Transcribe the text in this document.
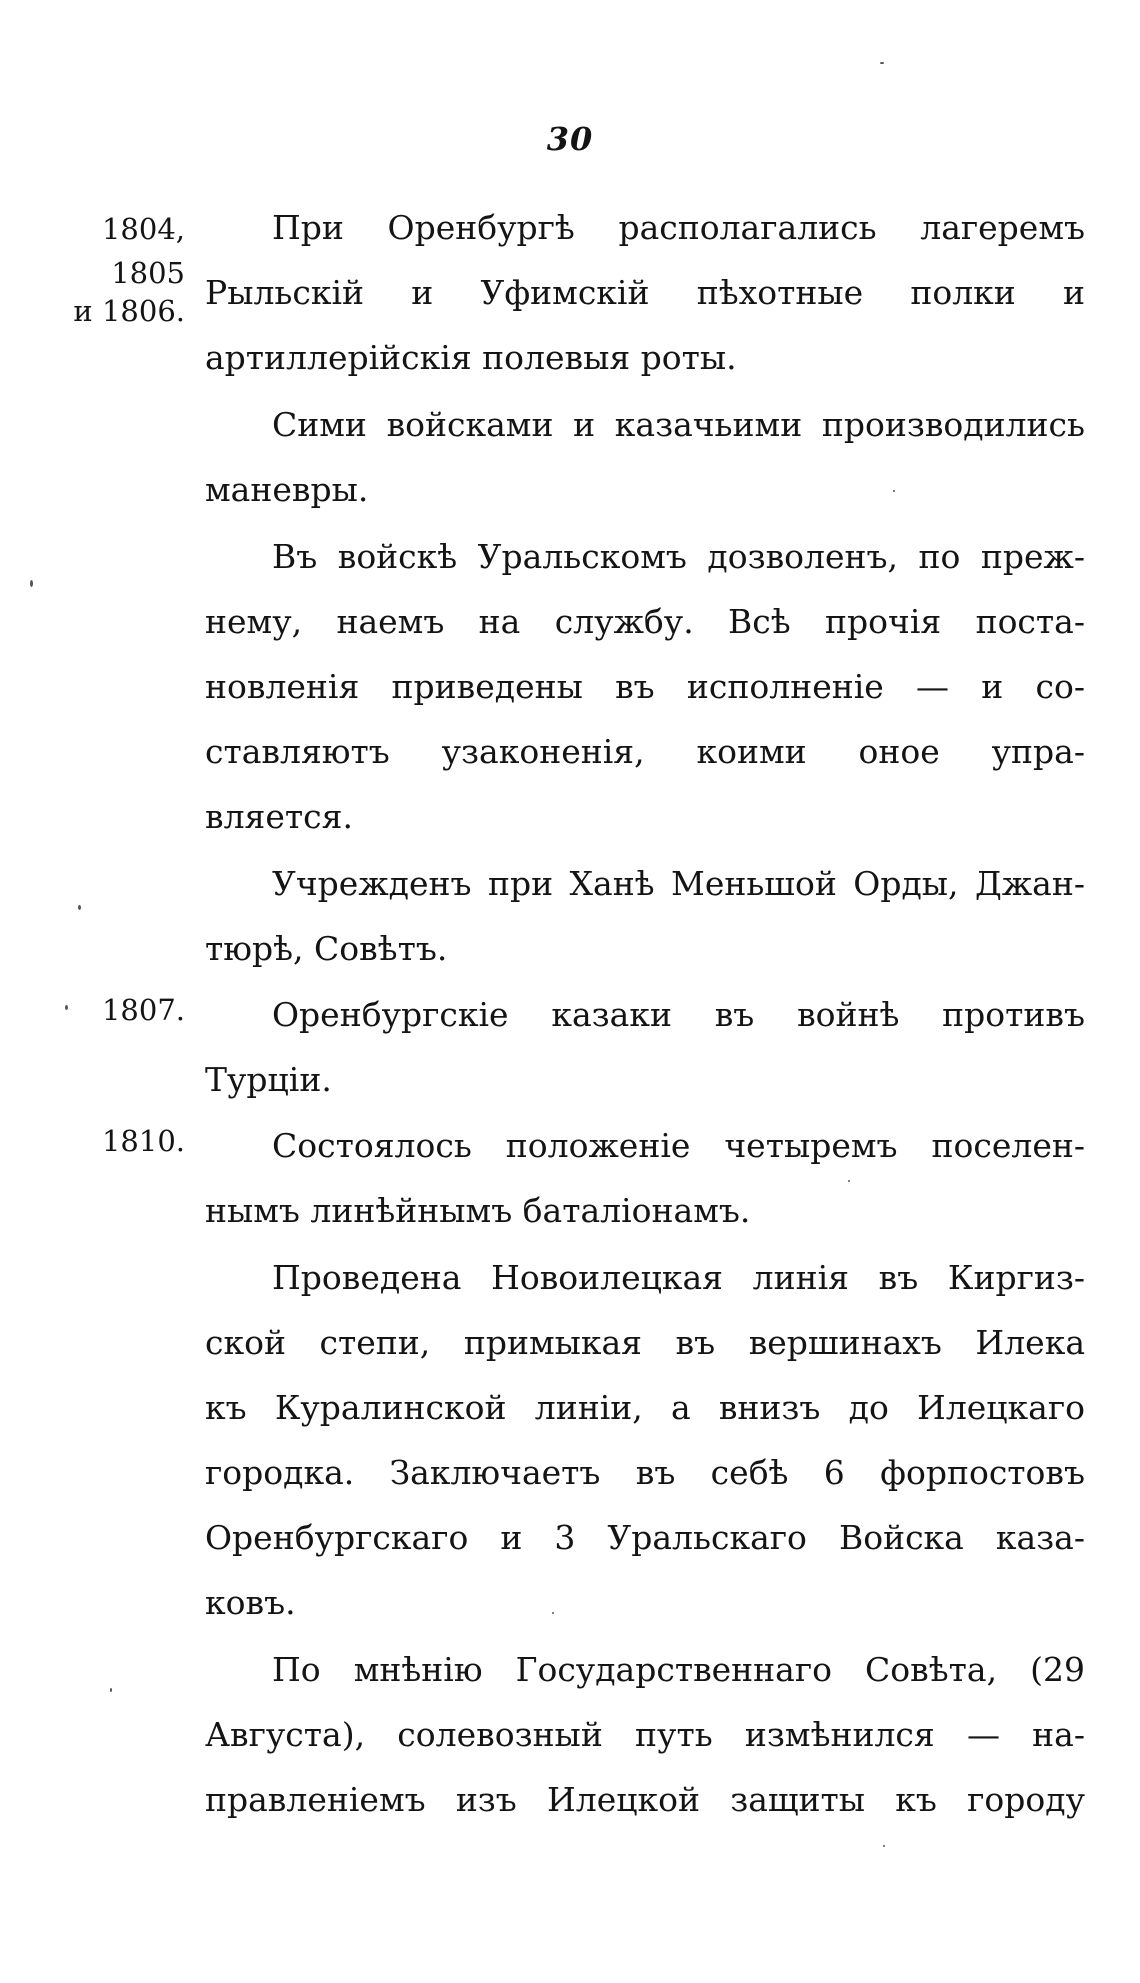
30
1804,
1805
и 1806.
1807.
1810.
При Оренбургѣ располагались лагеремъ
Рыльскій и Уфимскій пѣхотные полки и
артиллерійскія полевыя роты.
Сими войсками и казачьими производились
маневры.
Въ войскѣ Уральскомъ дозволенъ, по преж-
нему, наемъ на службу. Всѣ прочія поста-
новленія приведены въ исполненіе — и со-
ставляютъ узаконенія, коими оное упра-
вляется.
Учрежденъ при Ханѣ Меньшой Орды, Джан-
тюрѣ, Совѣтъ.
Оренбургскіе казаки въ войнѣ противъ
Турціи.
Состоялось положеніе четыремъ поселен-
нымъ линѣйнымъ баталіонамъ.
Проведена Новоилецкая линія въ Киргиз-
ской степи, примыкая въ вершинахъ Илека
къ Куралинской линіи, а внизъ до Илецкаго
городка. Заключаетъ въ себѣ 6 форпостовъ
Оренбургскаго и 3 Уральскаго Войска каза-
ковъ.
По мнѣнію Государственнаго Совѣта, (29
Августа), солевозный путь измѣнился — на-
правленіемъ изъ Илецкой защиты къ городу
